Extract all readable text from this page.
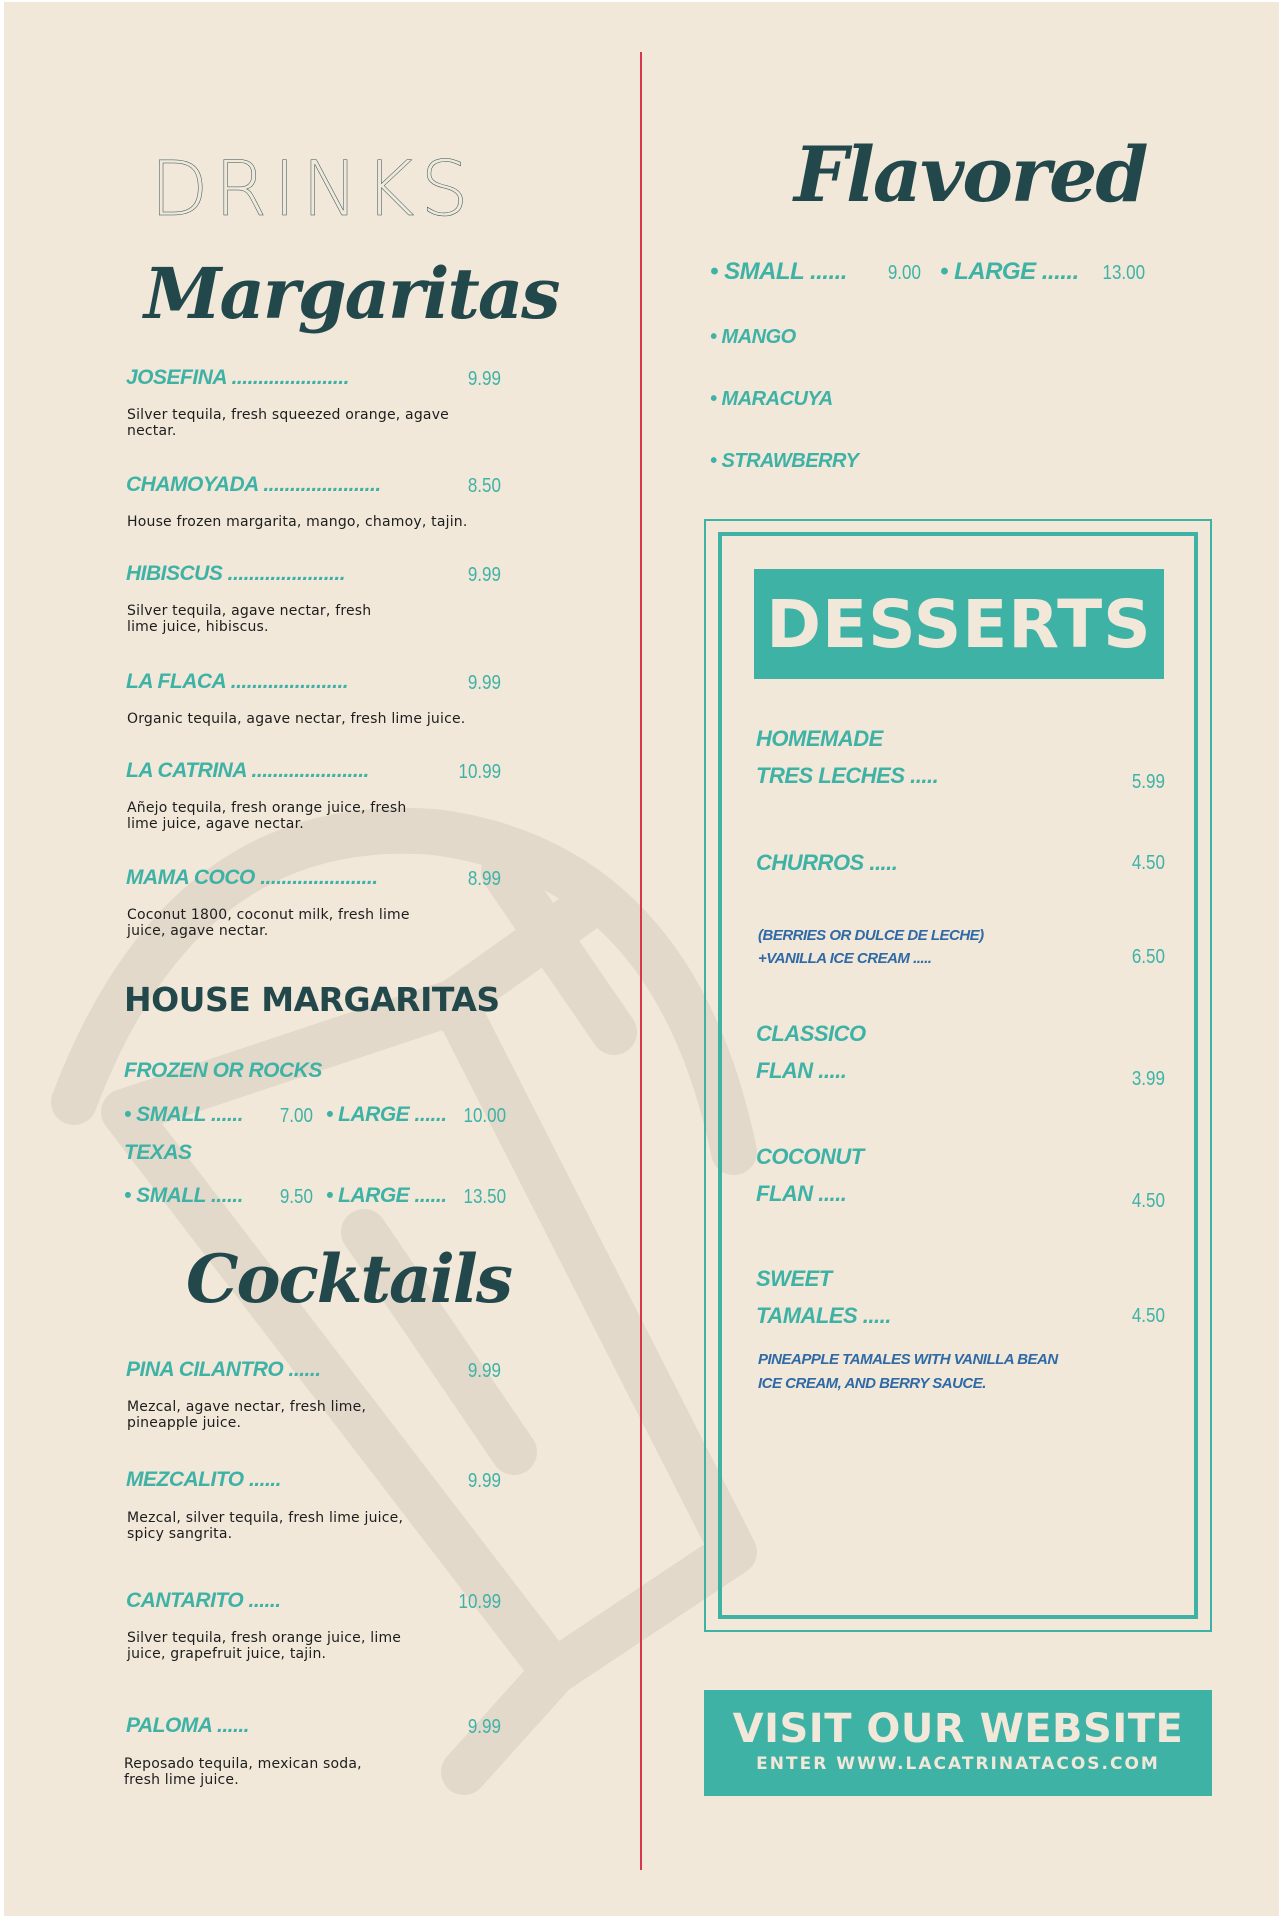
DRINKS
Margaritas
JOSEFINA ......................	9.99
Silver tequila, fresh squeezed orange, agave
nectar.
CHAMOYADA ......................	8.50
House frozen margarita, mango, chamoy, tajin.
HIBISCUS ......................	9.99
Silver tequila, agave nectar, fresh
lime juice, hibiscus.
LA FLACA ......................	9.99
Organic tequila, agave nectar, fresh lime juice.
LA CATRINA ......................	10.99
Añejo tequila, fresh orange juice, fresh
lime juice, agave nectar.
MAMA COCO ......................	8.99
Coconut 1800, coconut milk, fresh lime
juice, agave nectar.
HOUSE MARGARITAS
FROZEN OR ROCKS
• SMALL ...... 7.00 • LARGE ...... 10.00
TEXAS
• SMALL ...... 9.50 • LARGE ...... 13.50
Cocktails
PINA CILANTRO ......	9.99
Mezcal, agave nectar, fresh lime,
pineapple juice.
MEZCALITO ......	9.99
Mezcal, silver tequila, fresh lime juice,
spicy sangrita.
CANTARITO ......	10.99
Silver tequila, fresh orange juice, lime
juice, grapefruit juice, tajin.
PALOMA ......	9.99
Reposado tequila, mexican soda,
fresh lime juice.
Flavored
• SMALL ...... 9.00 • LARGE ...... 13.00
• MANGO
• MARACUYA
• STRAWBERRY
DESSERTS
HOMEMADE
TRES LECHES .....	5.99
CHURROS .....	4.50
(BERRIES OR DULCE DE LECHE)
+VANILLA ICE CREAM .....	6.50
CLASSICO
FLAN .....	3.99
COCONUT
FLAN .....	4.50
SWEET
TAMALES .....	4.50
PINEAPPLE TAMALES WITH VANILLA BEAN
ICE CREAM, AND BERRY SAUCE.
VISIT OUR WEBSITE
ENTER WWW.LACATRINATACOS.COM
